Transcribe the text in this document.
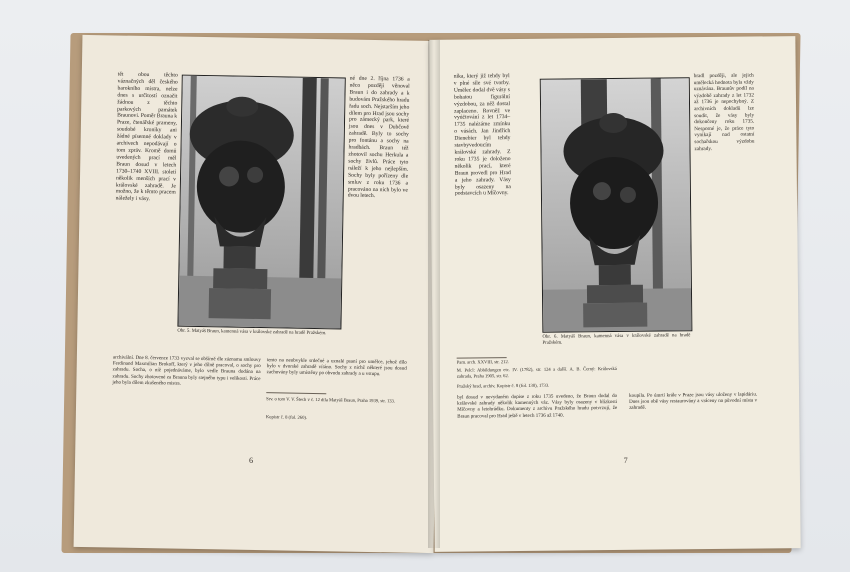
tět obou těchto váznačných děl českého barokního mistra, nelze dnes s určitostí označit žádnou z těchto parkových památek Braunovi. Poměr Brauna k Praze, čtenářské prameny, soudobé kroniky ani žádné písemné doklady v archivech nepodávají o tom zpráv. Kromě domů uvedených prací měl Braun dosud v letech 1730–1740 XVIII. století několik menších prací v královské zahradě. Je možno, že k těmto pracem náležely i vásy.
Obr. 5. Matyáš Braun, kamenná vása v královské zahradě na hradě Pražském.
né dne 2. října 1736 a něco později věnoval Braun i do zahrady a k budovám Pražského hradu řadu soch. Nejstarším jeho dílem pro Hrad jsou sochy pro zámecký park, které jsou dnes v Dubčově zahradě. Byly to sochy pro fontánu a sochy na hradbách. Braun též zhotovil sochu Herkula a sochy živlů. Práce tyto náleží k jeho nejlepším. Sochy byly pořízeny dle smluv z roku 1736 a pracováno na nich bylo ve dvou letech.
archivální. Dne 8. července 1733 vyzval se obšírně dle záznamu smlouvy Ferdinand Maxmilian Brokoff, který v jeho dílně pracoval, o sochy pro zahradu. Socha, o níž pojednáváme, bylo vedle Brauna dodána na zahradu. Sochy zhotovené za Brauna byly stejného typu i velikosti. Práce jeho byla dílem zkušeného mistra.
tento na neobvykle srdečné a uznalé psaní pro umělce, jehož dílo bylo v dvorské zahradě vítáno. Sochy z nichž některé jsou dosud zachovány byly umístěny po obvodu zahrady a u vstupu.
Srv. o tom V. V. Štech v č. 12 díla Matyáš Braun, Praha 1939, str. 133.
Kopistr č. 8 (fol. 260).
6
níka, který již tehdy byl v plné síle své tvorby. Umělec dodal dvě vásy s bohatou figurální výzdobou, za něž dostal zaplaceno. Rovněž ve vyúčtování z let 1734–1735 nalézáme zmínku o vásách. Jan Jindřich Dienebier byl tehdy stavbyvedoucím královské zahrady. Z roku 1735 je doloženo několik prací, které Braun provedl pro Hrad a jeho zahrady. Vásy byly osazeny na podstavcích u Míčovny.
Obr. 6. Matyáš Braun, kamenná vása v královské zahradě na hradě Pražském.
bradl později, ale jejich umělecká hodnota byla vždy uznávána. Braunův podíl na výzdobě zahrady z let 1732 až 1736 je nepochybný. Z archivních dokladů lze soudit, že vásy byly dokončeny roku 1735. Nesporné je, že práce tyto vynikají nad ostatní sochařskou výzdobu zahrady.
Pam. arch. XXVIII, str. 212.
M. Pelcl: Abbildungen etc. IV. (1782), str. 124 a další. A. B. Černý: Královská zahrada, Praha 1905, str. 62.
Pražský hrad, archiv, Kopistr č. 8 (fol. 130), 1733.
byl dosud v nevydaném dopise z roku 1735 uvedeno, že Braun dodal do královské zahrady několik kamenných váz. Vásy byly osazeny v blízkosti Míčovny a letohrádku. Dokumenty z archivu Pražského hradu potvrzují, že Braun pracoval pro Hrad ještě v letech 1736 až 1740.
koupila. Po úmrtí krále v Praze jsou vásy uloženy v lapidáriu. Dnes jsou obě vásy restaurovány a vráceny na původní místa v zahradě.
7
